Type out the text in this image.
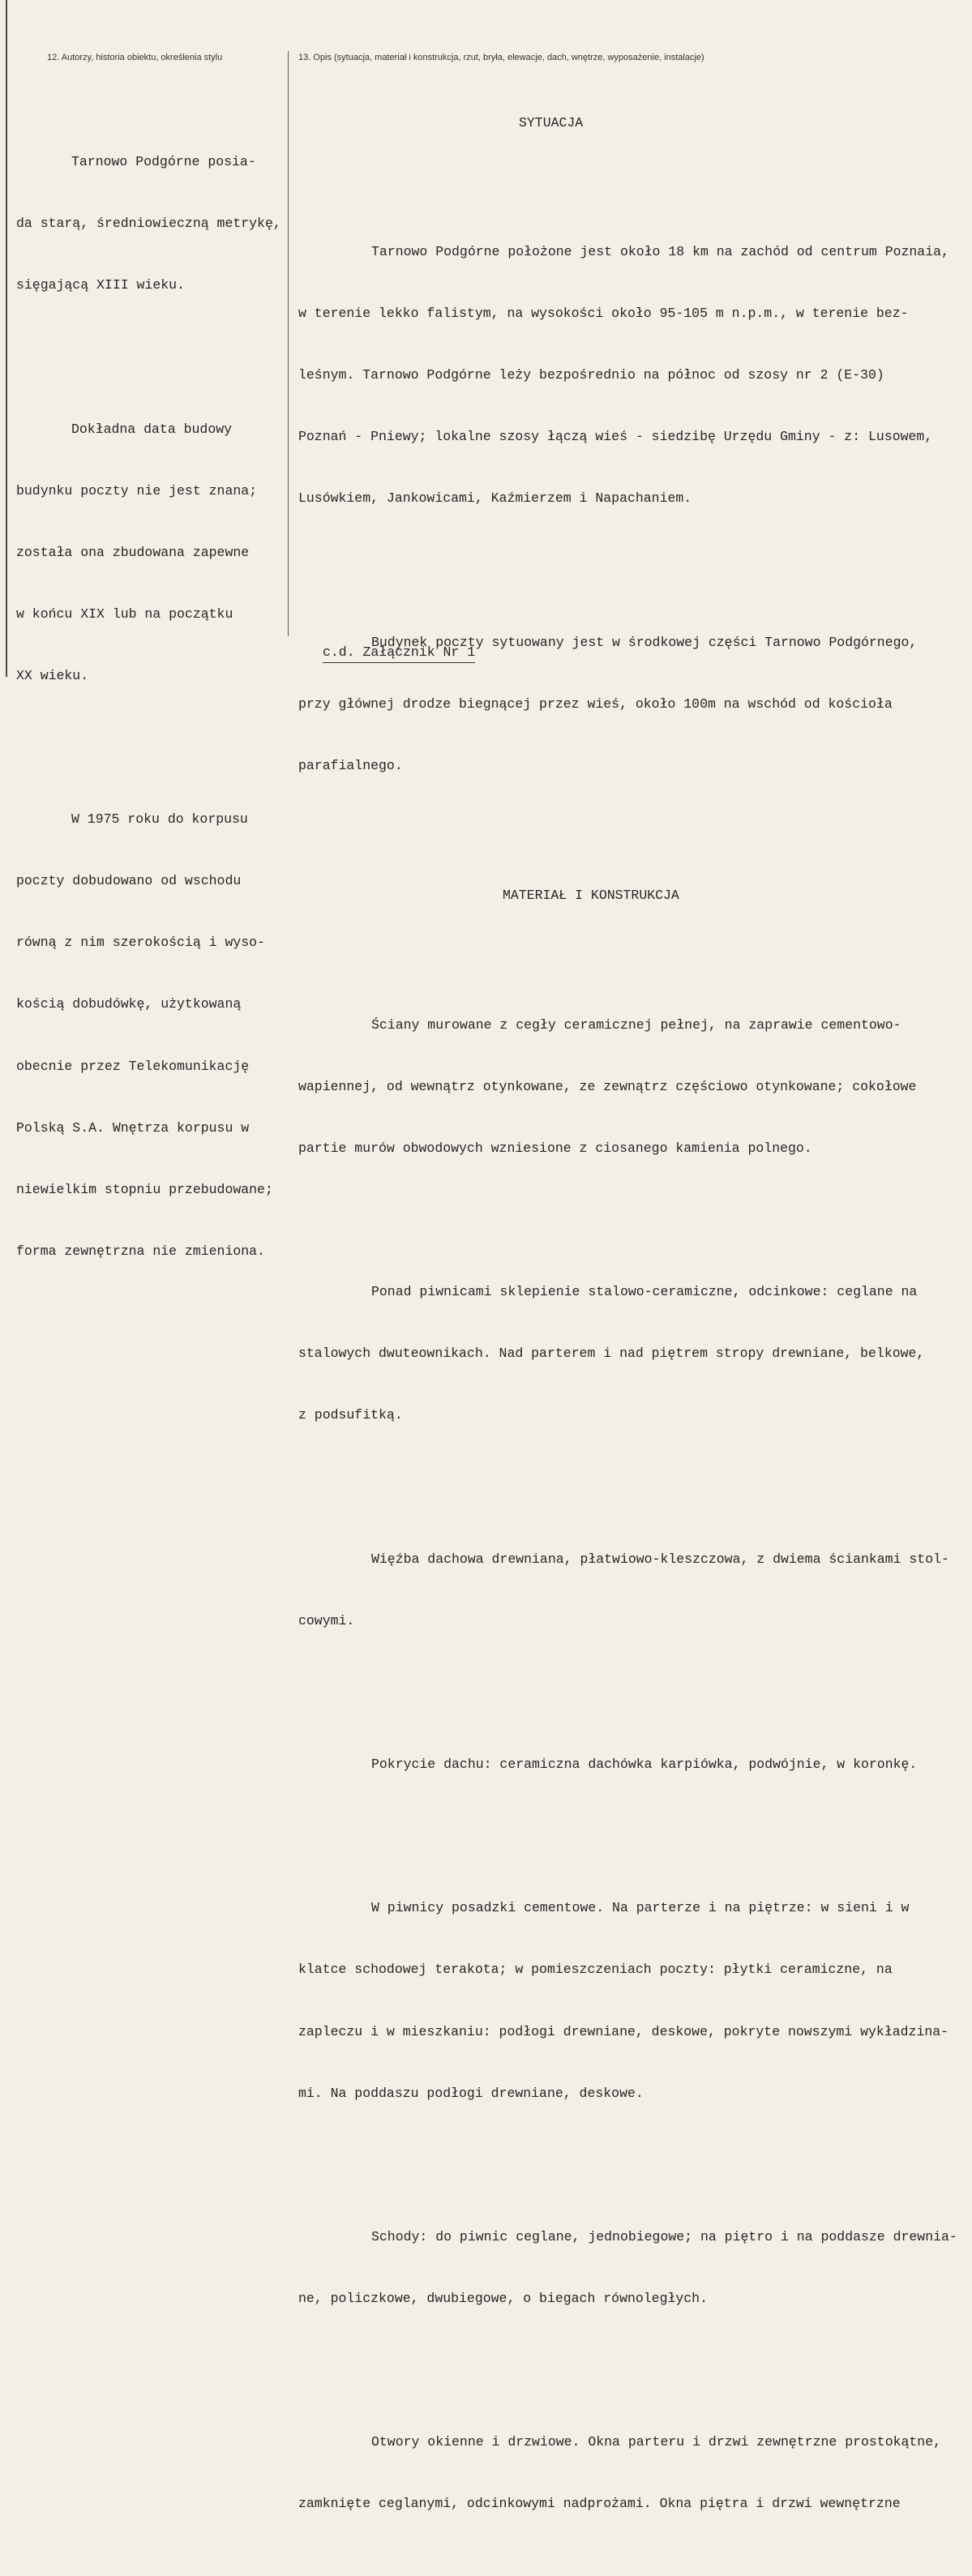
12. Autorzy, historia obiektu, określenia stylu	13. Opis (sytuacja, materiał i konstrukcja, rzut, bryła, elewacje, dach, wnętrze, wyposażenie, instalacje)

Tarnowo Podgórne posia-

da starą, średniowieczną metrykę,

sięgającą XIII wieku.

Dokładna data budowy

budynku poczty nie jest znana;

została ona zbudowana zapewne

w końcu XIX lub na początku

XX wieku.

W 1975 roku do korpusu

poczty dobudowano od wschodu

równą z nim szerokością i wyso-

kością dobudówkę, użytkowaną

obecnie przez Telekomunikację

Polską S.A. Wnętrza korpusu w

niewielkim stopniu przebudowane;

forma zewnętrzna nie zmieniona.

SYTUACJA

Tarnowo Podgórne położone jest około 18 km na zachód od centrum Poznaia,

w terenie lekko falistym, na wysokości około 95-105 m n.p.m., w terenie bez-

leśnym. Tarnowo Podgórne leży bezpośrednio na północ od szosy nr 2 (E-30)

Poznań - Pniewy; lokalne szosy łączą wieś - siedzibę Urzędu Gminy - z: Lusowem,

Lusówkiem, Jankowicami, Kaźmierzem i Napachaniem.

Budynek poczty sytuowany jest w środkowej części Tarnowo Podgórnego,

przy głównej drodze biegnącej przez wieś, około 100m na wschód od kościoła

parafialnego.

MATERIAŁ I KONSTRUKCJA

Ściany murowane z cegły ceramicznej pełnej, na zaprawie cementowo-

wapiennej, od wewnątrz otynkowane, ze zewnątrz częściowo otynkowane; cokołowe

partie murów obwodowych wzniesione z ciosanego kamienia polnego.

Ponad piwnicami sklepienie stalowo-ceramiczne, odcinkowe: ceglane na

stalowych dwuteownikach. Nad parterem i nad piętrem stropy drewniane, belkowe,

z podsufitką.

Więźba dachowa drewniana, płatwiowo-kleszczowa, z dwiema ściankami stol-

cowymi.

Pokrycie dachu: ceramiczna dachówka karpiówka, podwójnie, w koronkę.

W piwnicy posadzki cementowe. Na parterze i na piętrze: w sieni i w

klatce schodowej terakota; w pomieszczeniach poczty: płytki ceramiczne, na

zapleczu i w mieszkaniu: podłogi drewniane, deskowe, pokryte nowszymi wykładzina-

mi. Na poddaszu podłogi drewniane, deskowe.

Schody: do piwnic ceglane, jednobiegowe; na piętro i na poddasze drewnia-

ne, policzkowe, dwubiegowe, o biegach równoległych.

Otwory okienne i drzwiowe. Okna parteru i drzwi zewnętrzne prostokątne,

zamknięte ceglanymi, odcinkowymi nadprożami. Okna piętra i drzwi wewnętrzne

c.d. Załącznik Nr 1
